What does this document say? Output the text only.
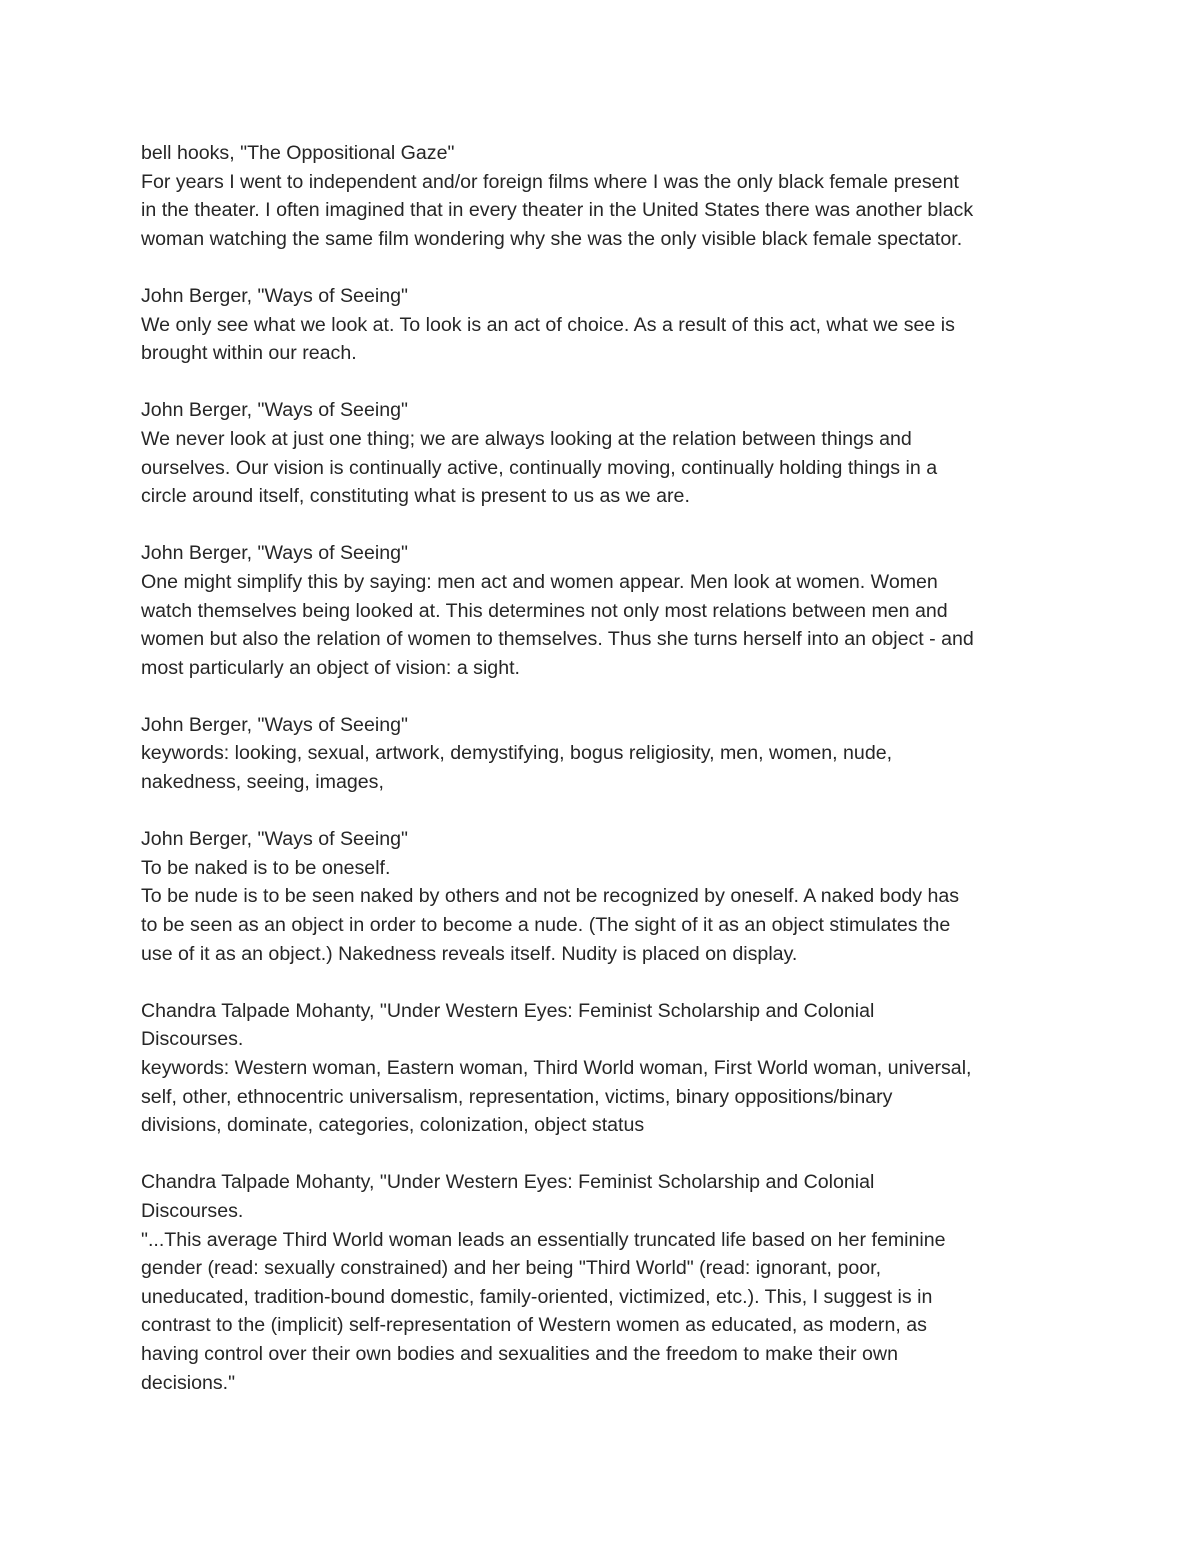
bell hooks, "The Oppositional Gaze"
For years I went to independent and/or foreign films where I was the only black female present
in the theater. I often imagined that in every theater in the United States there was another black
woman watching the same film wondering why she was the only visible black female spectator.
John Berger, "Ways of Seeing"
We only see what we look at. To look is an act of choice. As a result of this act, what we see is
brought within our reach.
John Berger, "Ways of Seeing"
We never look at just one thing; we are always looking at the relation between things and
ourselves. Our vision is continually active, continually moving, continually holding things in a
circle around itself, constituting what is present to us as we are.
John Berger, "Ways of Seeing"
One might simplify this by saying: men act and women appear. Men look at women. Women
watch themselves being looked at. This determines not only most relations between men and
women but also the relation of women to themselves. Thus she turns herself into an object - and
most particularly an object of vision: a sight.
John Berger, "Ways of Seeing"
keywords: looking, sexual, artwork, demystifying, bogus religiosity, men, women, nude,
nakedness, seeing, images,
John Berger, "Ways of Seeing"
To be naked is to be oneself.
To be nude is to be seen naked by others and not be recognized by oneself. A naked body has
to be seen as an object in order to become a nude. (The sight of it as an object stimulates the
use of it as an object.) Nakedness reveals itself. Nudity is placed on display.
Chandra Talpade Mohanty, "Under Western Eyes: Feminist Scholarship and Colonial
Discourses.
keywords: Western woman, Eastern woman, Third World woman, First World woman, universal,
self, other, ethnocentric universalism, representation, victims, binary oppositions/binary
divisions, dominate, categories, colonization, object status
Chandra Talpade Mohanty, "Under Western Eyes: Feminist Scholarship and Colonial
Discourses.
"...This average Third World woman leads an essentially truncated life based on her feminine
gender (read: sexually constrained) and her being "Third World" (read: ignorant, poor,
uneducated, tradition-bound domestic, family-oriented, victimized, etc.). This, I suggest is in
contrast to the (implicit) self-representation of Western women as educated, as modern, as
having control over their own bodies and sexualities and the freedom to make their own
decisions."
